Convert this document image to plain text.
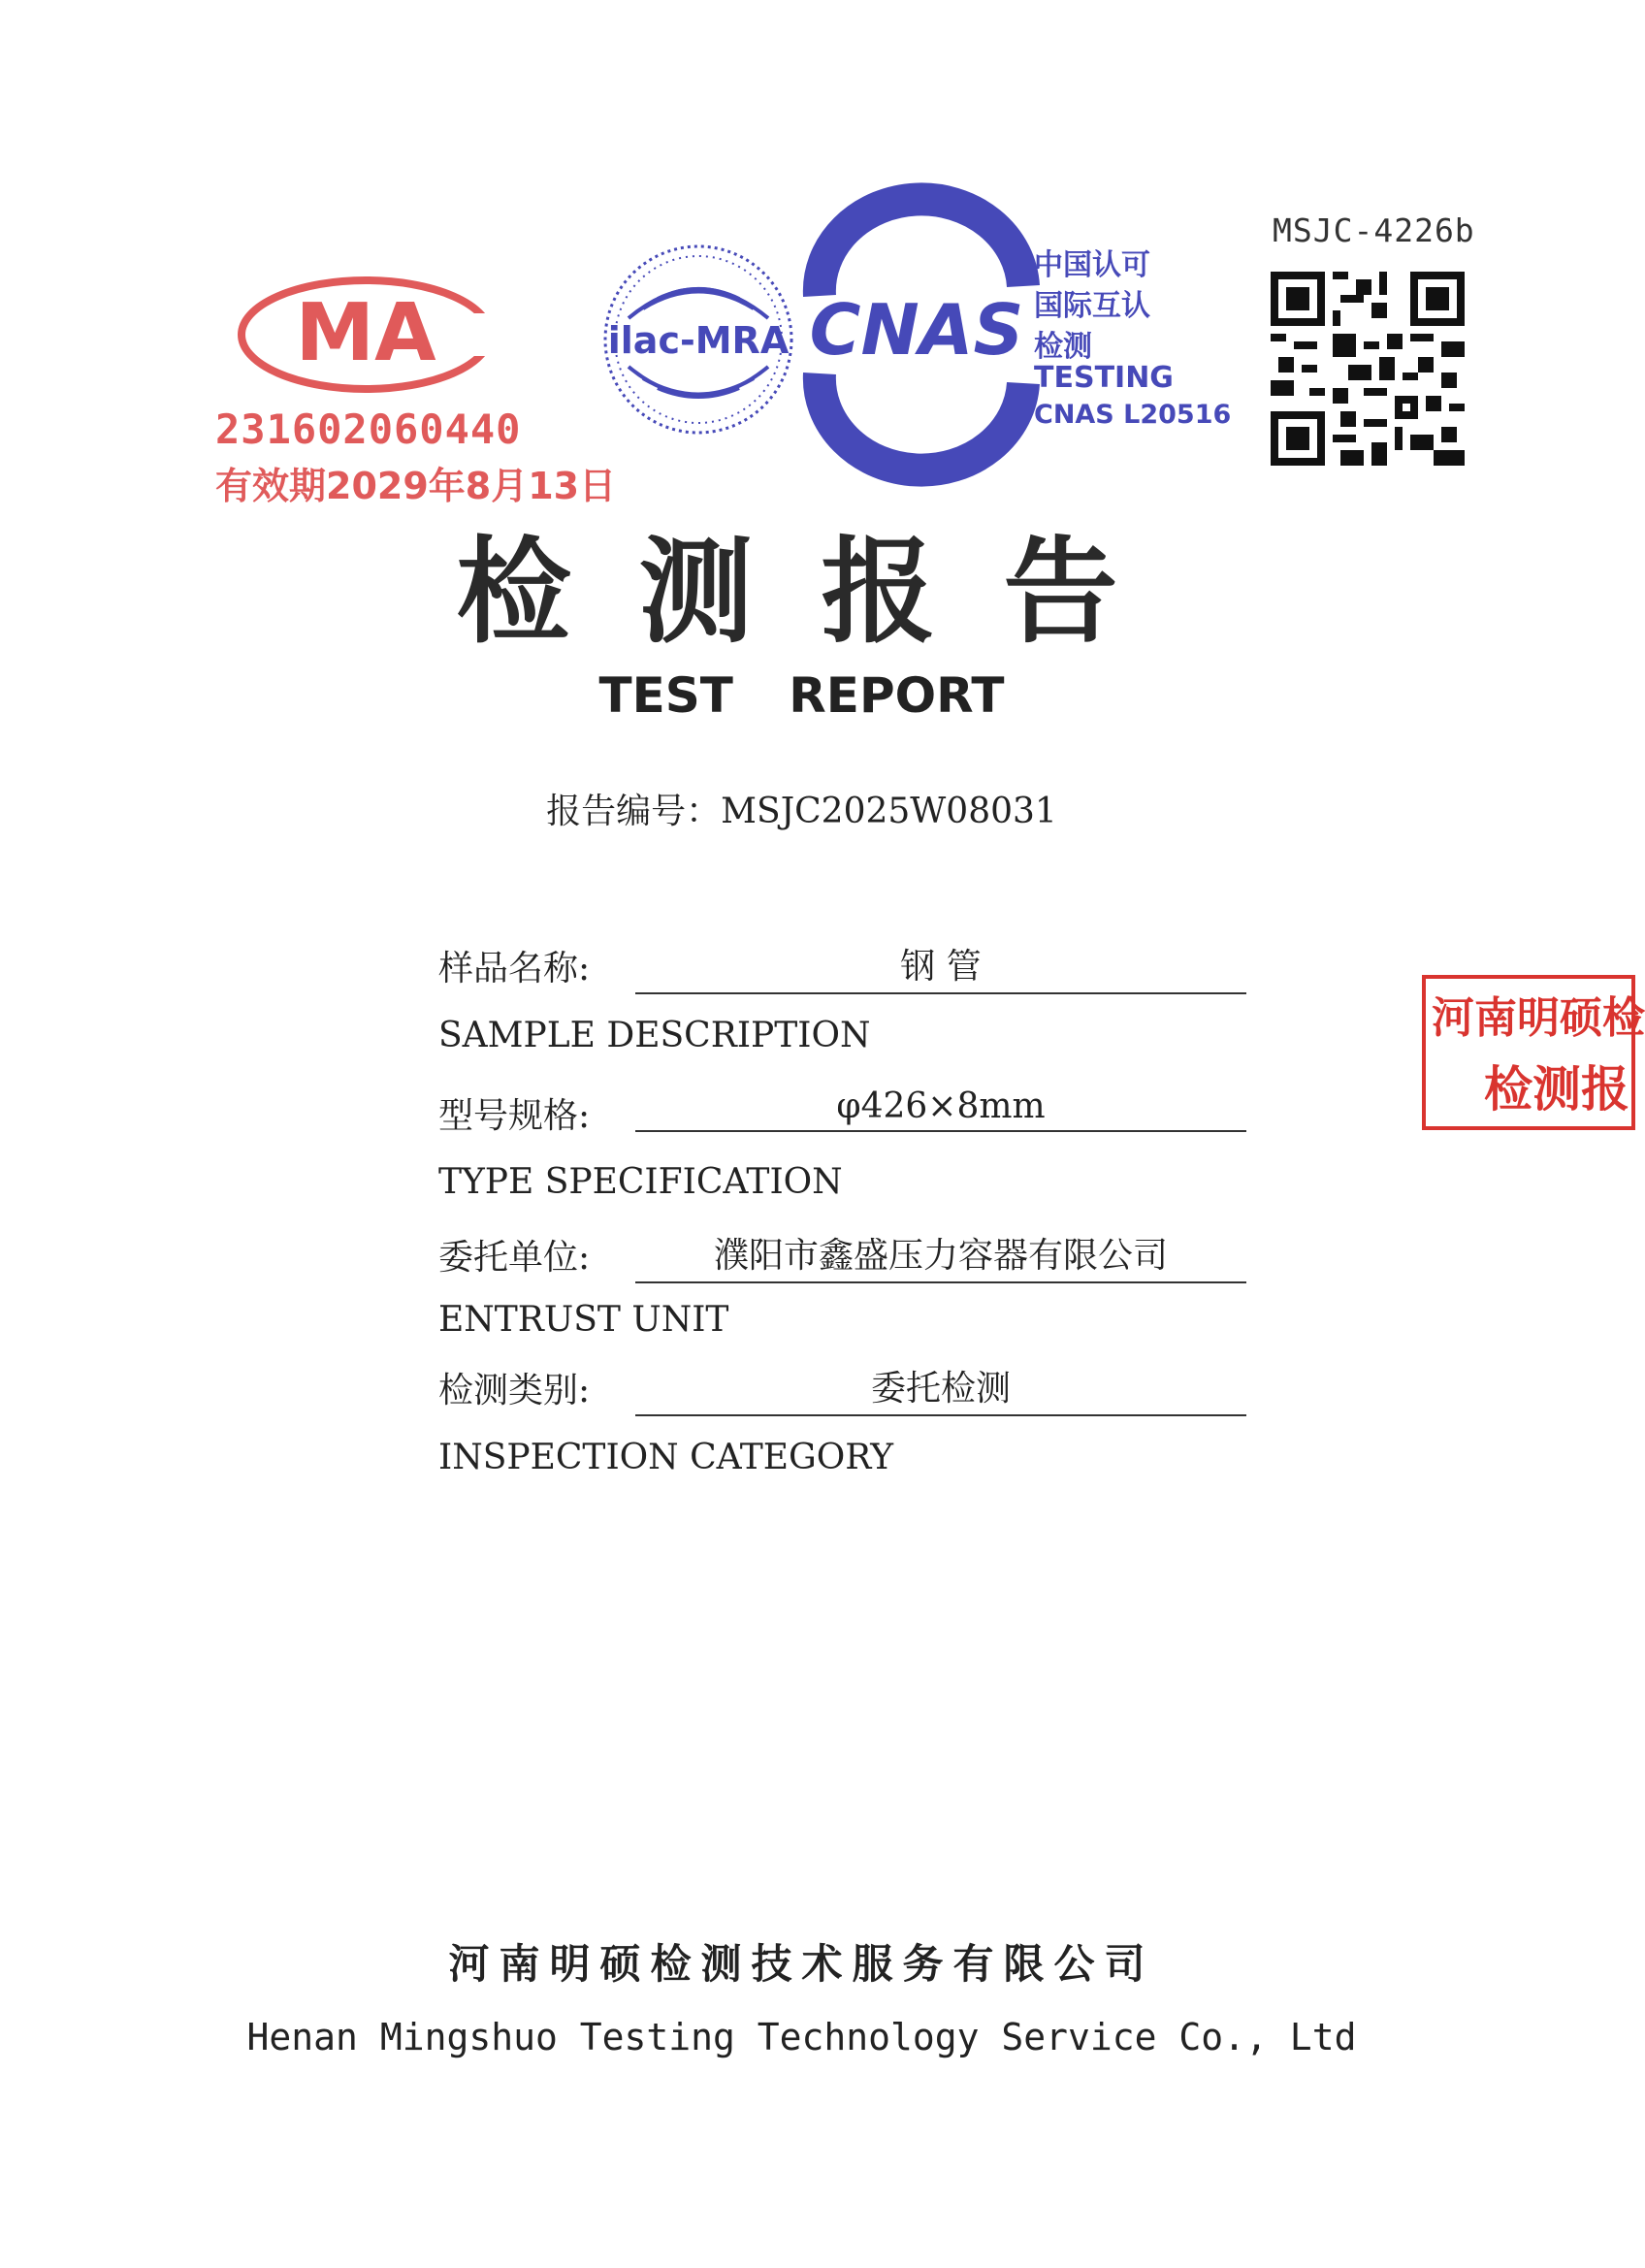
MSJC-4226b
MA
231602060440
有效期2029年8月13日
ilac-MRA CNAS
中国认可
国际互认
检测
TESTING
CNAS L20516
检测报告
TEST REPORT
报告编号：MSJC2025W08031
样品名称:	钢 管
SAMPLE DESCRIPTION
型号规格:	φ426×8mm
TYPE SPECIFICATION
委托单位:	濮阳市鑫盛压力容器有限公司
ENTRUST UNIT
检测类别:	委托检测
INSPECTION CATEGORY
河南明硕检
检测报
河南明硕检测技术服务有限公司
Henan Mingshuo Testing Technology Service Co., Ltd
